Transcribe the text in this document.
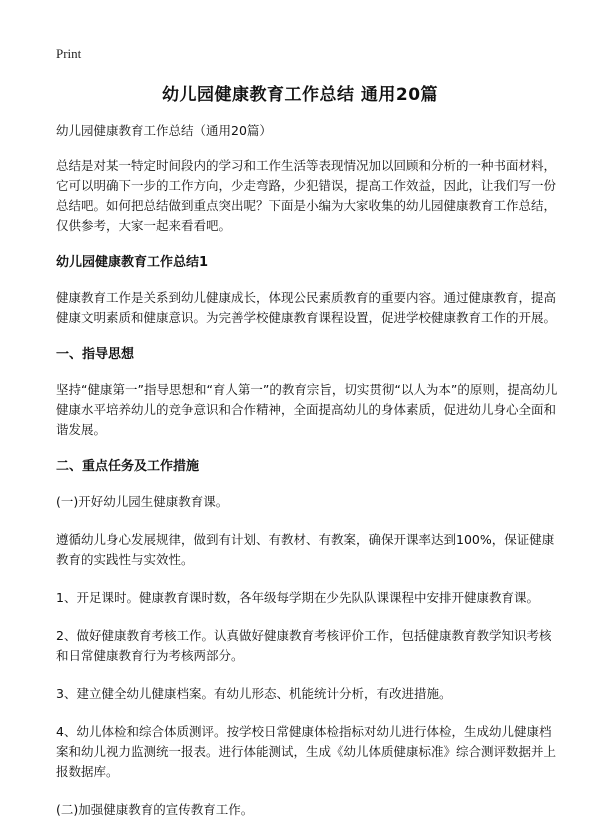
Print
幼儿园健康教育工作总结 通用20篇
幼儿园健康教育工作总结（通用20篇）

总结是对某一特定时间段内的学习和工作生活等表现情况加以回顾和分析的一种书面材料，它可以明确下一步的工作方向，少走弯路，少犯错误，提高工作效益，因此，让我们写一份总结吧。如何把总结做到重点突出呢？下面是小编为大家收集的幼儿园健康教育工作总结，仅供参考，大家一起来看看吧。

幼儿园健康教育工作总结1

健康教育工作是关系到幼儿健康成长，体现公民素质教育的重要内容。通过健康教育，提高健康文明素质和健康意识。为完善学校健康教育课程设置，促进学校健康教育工作的开展。

一、指导思想

坚持“健康第一”指导思想和“育人第一”的教育宗旨，切实贯彻“以人为本”的原则，提高幼儿健康水平培养幼儿的竞争意识和合作精神，全面提高幼儿的身体素质，促进幼儿身心全面和谐发展。

二、重点任务及工作措施

(一)开好幼儿园生健康教育课。

遵循幼儿身心发展规律，做到有计划、有教材、有教案，确保开课率达到100%，保证健康教育的实践性与实效性。

1、开足课时。健康教育课时数，各年级每学期在少先队队课课程中安排开健康教育课。

2、做好健康教育考核工作。认真做好健康教育考核评价工作，包括健康教育教学知识考核和日常健康教育行为考核两部分。

3、建立健全幼儿健康档案。有幼儿形态、机能统计分析，有改进措施。

4、幼儿体检和综合体质测评。按学校日常健康体检指标对幼儿进行体检，生成幼儿健康档案和幼儿视力监测统一报表。进行体能测试，生成《幼儿体质健康标准》综合测评数据并上报数据库。

(二)加强健康教育的宣传教育工作。
